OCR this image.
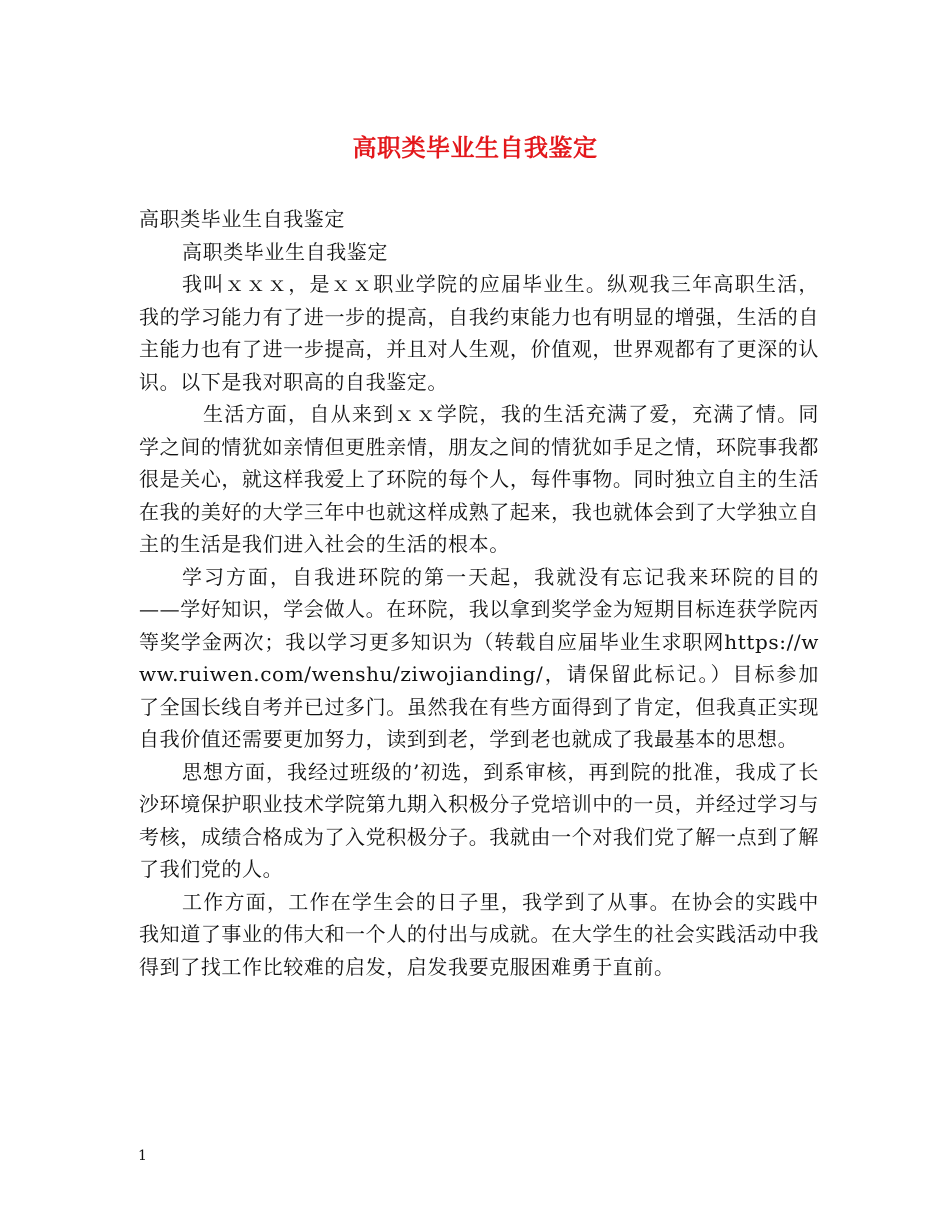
高职类毕业生自我鉴定

高职类毕业生自我鉴定

高职类毕业生自我鉴定

我叫ｘｘｘ，是ｘｘ职业学院的应届毕业生。纵观我三年高职生活，我的学习能力有了进一步的提高，自我约束能力也有明显的增强，生活的自主能力也有了进一步提高，并且对人生观，价值观，世界观都有了更深的认识。以下是我对职高的自我鉴定。

生活方面，自从来到ｘｘ学院，我的生活充满了爱，充满了情。同学之间的情犹如亲情但更胜亲情，朋友之间的情犹如手足之情，环院事我都很是关心，就这样我爱上了环院的每个人，每件事物。同时独立自主的生活在我的美好的大学三年中也就这样成熟了起来，我也就体会到了大学独立自主的生活是我们进入社会的生活的根本。

学习方面，自我进环院的第一天起，我就没有忘记我来环院的目的——学好知识，学会做人。在环院，我以拿到奖学金为短期目标连获学院丙等奖学金两次；我以学习更多知识为（转载自应届毕业生求职网https://www.ruiwen.com/wenshu/ziwojianding/，请保留此标记。）目标参加了全国长线自考并已过多门。虽然我在有些方面得到了肯定，但我真正实现自我价值还需要更加努力，读到到老，学到老也就成了我最基本的思想。

思想方面，我经过班级的’初选，到系审核，再到院的批准，我成了长沙环境保护职业技术学院第九期入积极分子党培训中的一员，并经过学习与考核，成绩合格成为了入党积极分子。我就由一个对我们党了解一点到了解了我们党的人。

工作方面，工作在学生会的日子里，我学到了从事。在协会的实践中我知道了事业的伟大和一个人的付出与成就。在大学生的社会实践活动中我得到了找工作比较难的启发，启发我要克服困难勇于直前。

1
